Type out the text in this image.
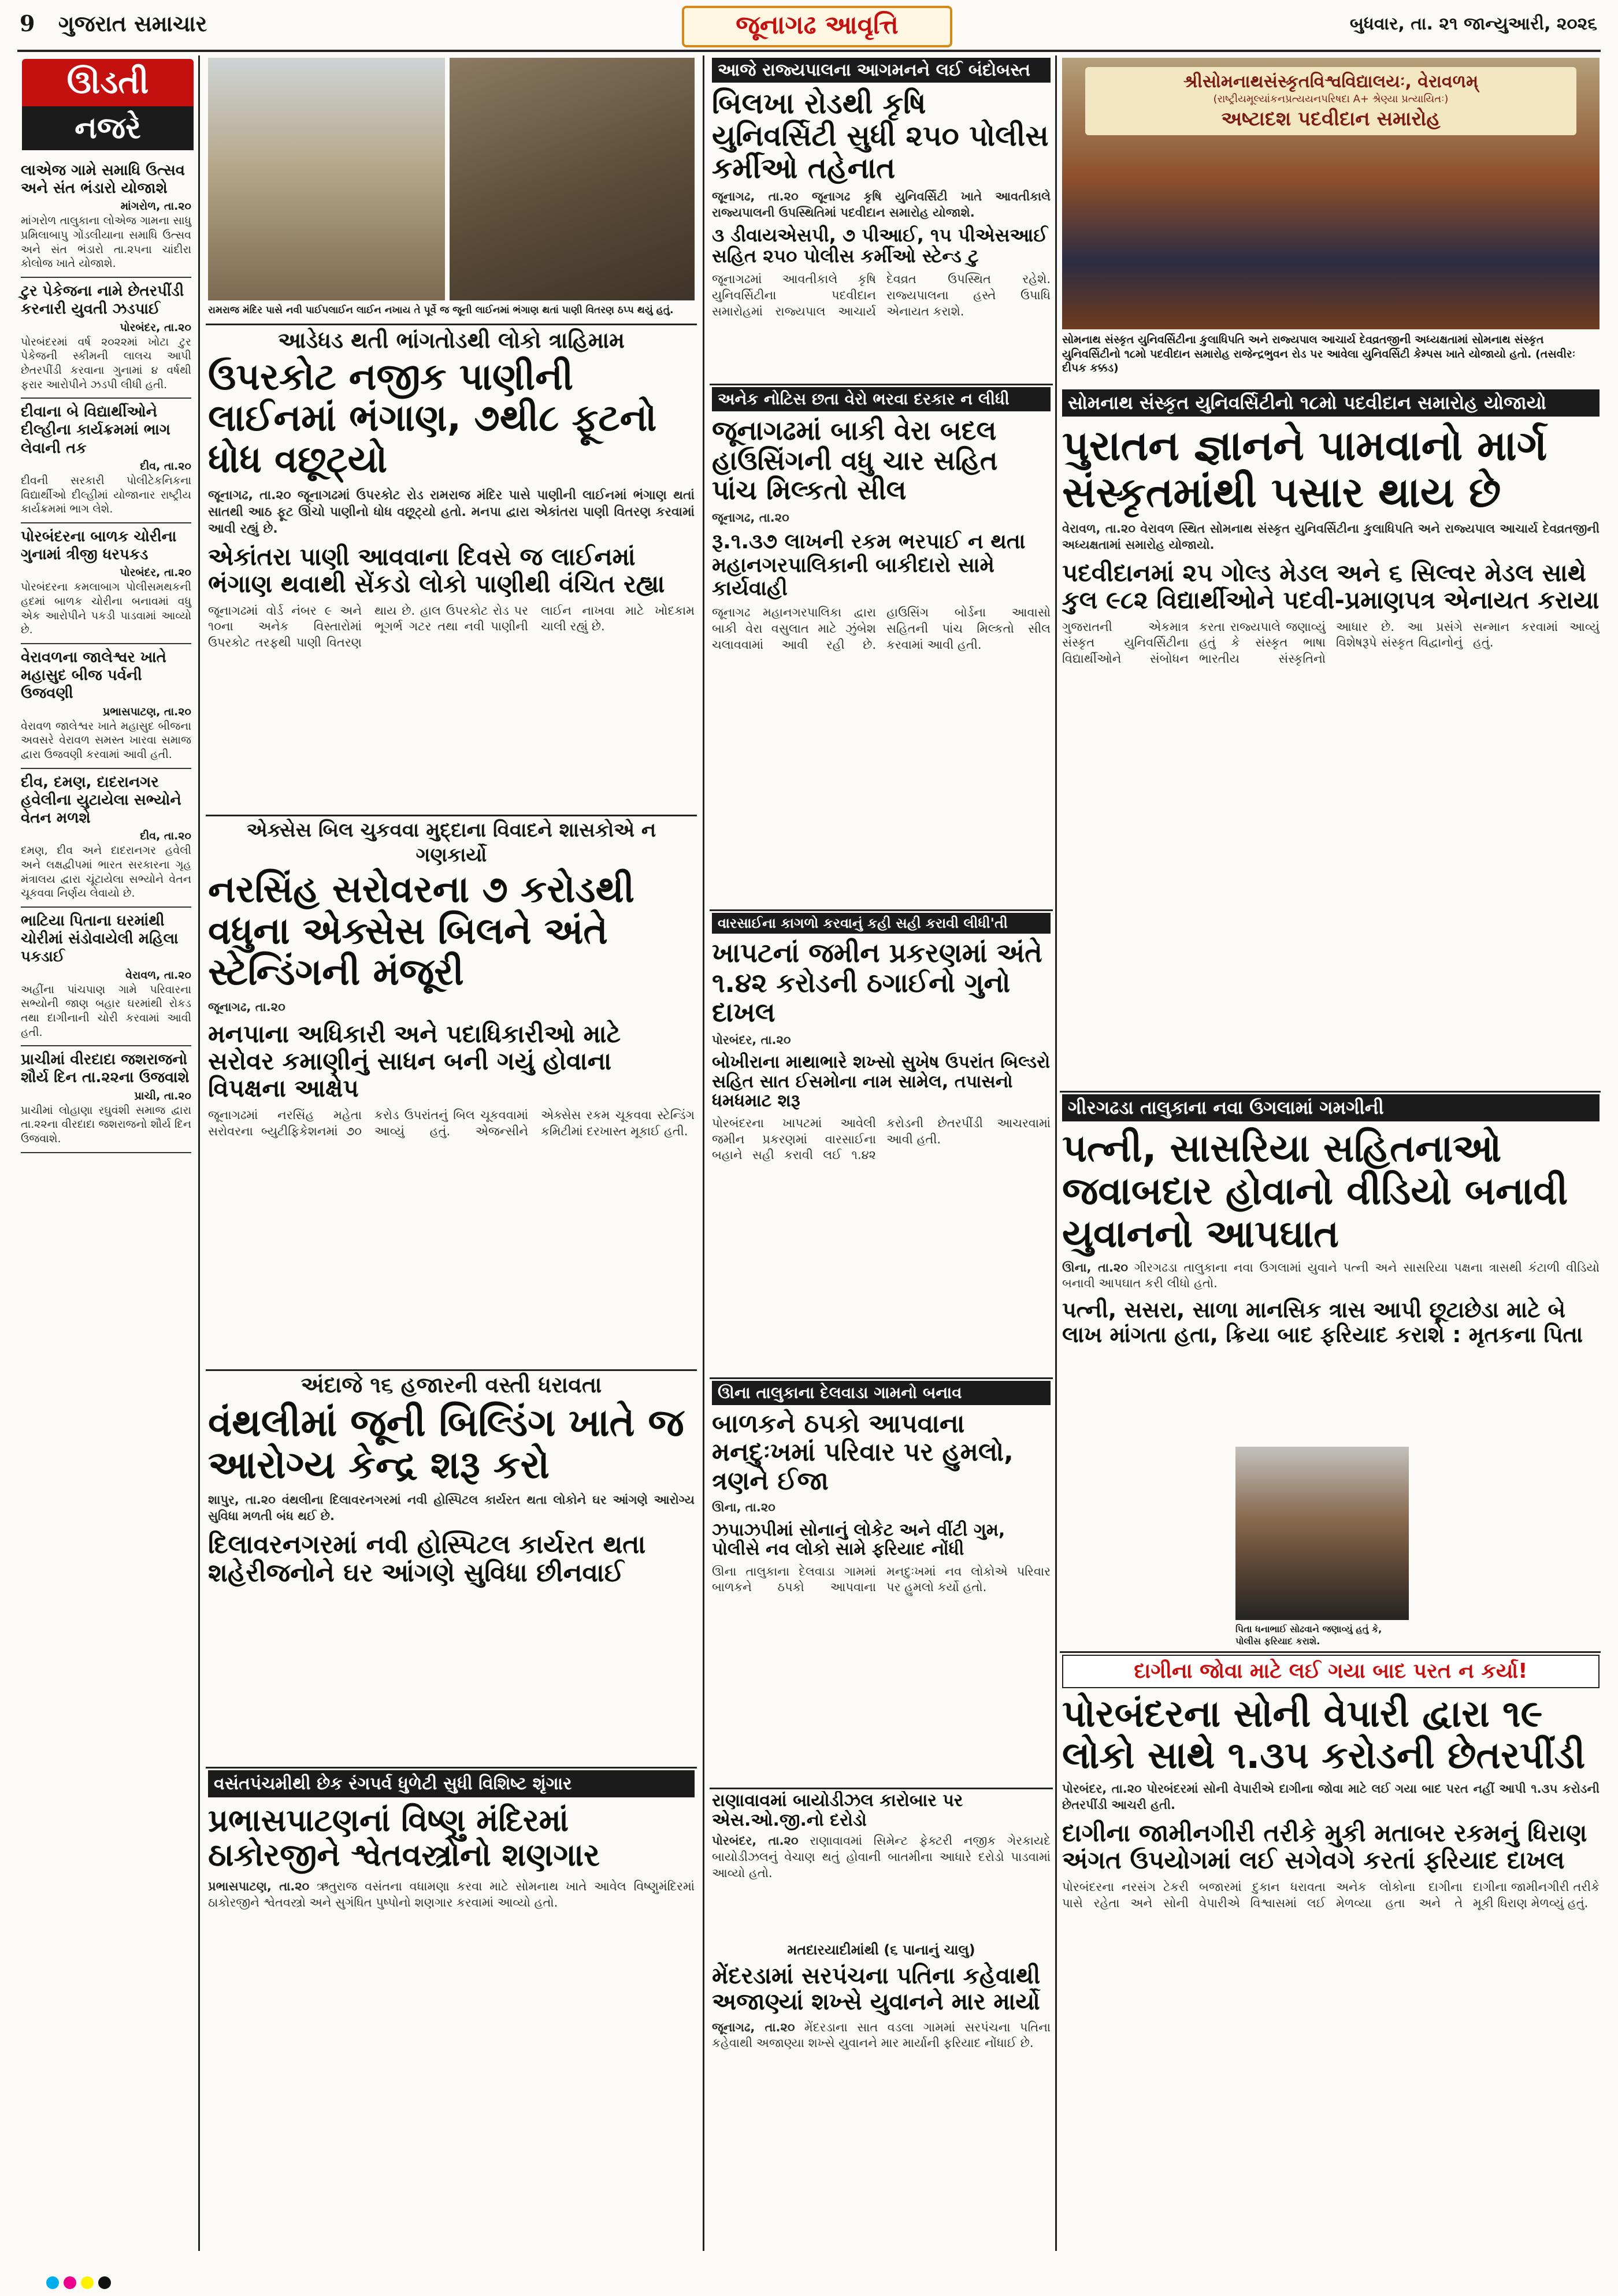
9 ગુજરાત સમાચાર	જૂનાગઢ આવૃત્તિ	બુધવાર, તા. ૨૧ જાન્યુઆરી, ૨૦૨૬
ઊડતી
નજરે
લાએજ ગામે સમાધિ ઉત્સવ અને સંત ભંડારો યોજાશે
માંગરોળ, તા.૨૦
માંગરોળ તાલુકાના લોએજ ગામના સાધુ પ્રમિલાબાપુ ગોંડલીયાના સમાધિ ઉત્સવ અને સંત ભંડારો તા.૨૫ના ચાંદીરા કોલોજ ખાતે યોજાશે.
ટુર પેકેજના નામે છેતરપીંડી કરનારી યુવતી ઝડપાઈ
પોરબંદર, તા.૨૦
પોરબંદરમાં વર્ષ ૨૦૨૨માં ખોટા ટુર પેકેજની સ્કીમની લાલચ આપી છેતરપીંડી કરવાના ગુનામાં ૪ વર્ષથી ફરાર આરોપીને ઝડપી લીધી હતી.
દીવાના બે વિદ્યાર્થીઓને દીલ્હીના કાર્યક્રમમાં ભાગ લેવાની તક
દીવ, તા.૨૦
દીવની સરકારી પોલીટેકનિકના વિદ્યાર્થીઓ દીલ્હીમાં યોજાનાર રાષ્ટ્રીય કાર્યક્રમમાં ભાગ લેશે.
પોરબંદરના બાળક ચોરીના ગુનામાં ત્રીજી ધરપકડ
પોરબંદર, તા.૨૦
પોરબંદરના કમલાબાગ પોલીસમથકની હદમાં બાળક ચોરીના બનાવમાં વધુ એક આરોપીને પકડી પાડવામાં આવ્યો છે.
વેરાવળના જાલેશ્વર ખાતે મહાસુદ બીજ પર્વની ઉજવણી
પ્રભાસપાટણ, તા.૨૦
વેરાવળ જાલેશ્વર ખાતે મહાસુદ બીજના અવસરે વેરાવળ સમસ્ત ખારવા સમાજ દ્વારા ઉજવણી કરવામાં આવી હતી.
દીવ, દમણ, દાદરાનગર હવેલીના યુટાયેલા સભ્યોને વેતન મળશે
દીવ, તા.૨૦
દમણ, દીવ અને દાદરાનગર હવેલી અને લક્ષદ્વીપમાં ભારત સરકારના ગૃહ મંત્રાલય દ્વારા ચૂંટાયેલા સભ્યોને વેતન ચૂકવવા નિર્ણય લેવાયો છે.
ભાટિયા પિતાના ઘરમાંથી ચોરીમાં સંડોવાયેલી મહિલા પકડાઈ
વેરાવળ, તા.૨૦
અહીંના પાંચપાણ ગામે પરિવારના સભ્યોની જાણ બહાર ઘરમાંથી રોકડ તથા દાગીનાની ચોરી કરવામાં આવી હતી.
પ્રાચીમાં વીરદાદા જશરાજનો શૌર્ય દિન તા.૨૨ના ઉજવાશે
પ્રાચી, તા.૨૦
પ્રાચીમાં લોહાણા રઘુવંશી સમાજ દ્વારા તા.૨૨ના વીરદાદા જશરાજનો શૌર્ય દિન ઉજવાશે.
રામરાજ મંદિર પાસે નવી પાઈપલાઈન લાઈન નખાય તે પૂર્વે જ જૂની લાઈનમાં ભંગાણ થતાં પાણી વિતરણ ઠપ્પ થયું હતું.
આડેધડ થતી ભાંગતોડથી લોકો ત્રાહિમામ
ઉપરકોટ નજીક પાણીની લાઈનમાં ભંગાણ, ૭થી૮ ફૂટનો ધોધ વછૂટ્યો
જૂનાગઢ, તા.૨૦ જૂનાગઢમાં ઉપરકોટ રોડ રામરાજ મંદિર પાસે પાણીની લાઈનમાં ભંગાણ થતાં સાતથી આઠ ફૂટ ઊંચો પાણીનો ધોધ વછૂટ્યો હતો. મનપા દ્વારા એકાંતરા પાણી વિતરણ કરવામાં આવી રહ્યું છે.
એકાંતરા પાણી આવવાના દિવસે જ લાઈનમાં ભંગાણ થવાથી સેંકડો લોકો પાણીથી વંચિત રહ્યા
જૂનાગઢમાં વોર્ડ નંબર ૯ અને ૧૦ના અનેક વિસ્તારોમાં ઉપરકોટ તરફથી પાણી વિતરણ થાય છે. હાલ ઉપરકોટ રોડ પર ભૂગર્ભ ગટર તથા નવી પાણીની લાઈન નાખવા માટે ખોદકામ ચાલી રહ્યું છે.
એક્સેસ બિલ ચુકવવા મુદ્દાના વિવાદને શાસકોએ ન ગણકાર્યો
નરસિંહ સરોવરના ૭ કરોડથી વધુના એક્સેસ બિલને અંતે સ્ટેન્ડિંગની મંજૂરી
જૂનાગઢ, તા.૨૦
મનપાના અધિકારી અને પદાધિકારીઓ માટે સરોવર કમાણીનું સાધન બની ગયું હોવાના વિપક્ષના આક્ષેપ
જૂનાગઢમાં નરસિંહ મહેતા સરોવરના બ્યુટીફિકેશનમાં ૭૦ કરોડ ઉપરાંતનું બિલ ચૂકવવામાં આવ્યું હતું. એજન્સીને એક્સેસ રકમ ચૂકવવા સ્ટેન્ડિંગ કમિટીમાં દરખાસ્ત મૂકાઈ હતી.
અંદાજે ૧૬ હજારની વસ્તી ધરાવતા
વંથલીમાં જૂની બિલ્ડિંગ ખાતે જ આરોગ્ય કેન્દ્ર શરૂ કરો
શાપુર, તા.૨૦ વંથલીના દિલાવરનગરમાં નવી હોસ્પિટલ કાર્યરત થતા લોકોને ઘર આંગણે આરોગ્ય સુવિધા મળતી બંધ થઈ છે.
દિલાવરનગરમાં નવી હોસ્પિટલ કાર્યરત થતા શહેરીજનોને ઘર આંગણે સુવિધા છીનવાઈ
વસંતપંચમીથી છેક રંગપર્વ ધુળેટી સુધી વિશિષ્ટ શૃંગાર
પ્રભાસપાટણનાં વિષ્ણુ મંદિરમાં ઠાકોરજીને શ્વેતવસ્ત્રોનો શણગાર
પ્રભાસપાટણ, તા.૨૦ ઋતુરાજ વસંતના વધામણા કરવા માટે સોમનાથ ખાતે આવેલ વિષ્ણુમંદિરમાં ઠાકોરજીને શ્વેતવસ્ત્રો અને સુગંધિત પુષ્પોનો શણગાર કરવામાં આવ્યો હતો.
આજે રાજ્યપાલના આગમનને લઈ બંદોબસ્ત
બિલખા રોડથી કૃષિ યુનિવર્સિટી સુધી ૨૫૦ પોલીસ કર્મીઓ તહેનાત
જૂનાગઢ, તા.૨૦ જૂનાગઢ કૃષિ યુનિવર્સિટી ખાતે આવતીકાલે રાજ્યપાલની ઉપસ્થિતિમાં પદવીદાન સમારોહ યોજાશે.
૩ ડીવાયએસપી, ૭ પીઆઈ, ૧૫ પીએસઆઈ સહિત ૨૫૦ પોલીસ કર્મીઓ સ્ટેન્ડ ટુ
જૂનાગઢમાં આવતીકાલે કૃષિ યુનિવર્સિટીના પદવીદાન સમારોહમાં રાજ્યપાલ આચાર્ય દેવવ્રત ઉપસ્થિત રહેશે. રાજ્યપાલના હસ્તે ઉપાધિ એનાયત કરાશે.
અનેક નોટિસ છતા વેરો ભરવા દરકાર ન લીધી
જૂનાગઢમાં બાકી વેરા બદલ હાઉસિંગની વધુ ચાર સહિત પાંચ મિલ્કતો સીલ
જૂનાગઢ, તા.૨૦
રૂ.૧.૩૭ લાખની રકમ ભરપાઈ ન થતા મહાનગરપાલિકાની બાકીદારો સામે કાર્યવાહી
જૂનાગઢ મહાનગરપાલિકા દ્વારા બાકી વેરા વસુલાત માટે ઝુંબેશ ચલાવવામાં આવી રહી છે. હાઉસિંગ બોર્ડના આવાસો સહિતની પાંચ મિલ્કતો સીલ કરવામાં આવી હતી.
વારસાઈના કાગળો કરવાનું કહી સહી કરાવી લીધી'તી
ખાપટનાં જમીન પ્રકરણમાં અંતે ૧.૪૨ કરોડની ઠગાઈનો ગુનો દાખલ
પોરબંદર, તા.૨૦
બોખીરાના માથાભારે શખ્સો સુખેષ ઉપરાંત બિલ્ડરો સહિત સાત ઈસમોના નામ સામેલ, તપાસનો ધમધમાટ શરૂ
પોરબંદરના ખાપટમાં આવેલી જમીન પ્રકરણમાં વારસાઈના બહાને સહી કરાવી લઈ ૧.૪૨ કરોડની છેતરપીંડી આચરવામાં આવી હતી.
ઊના તાલુકાના દેલવાડા ગામનો બનાવ
બાળકને ઠપકો આપવાના મનદુઃખમાં પરિવાર પર હુમલો, ત્રણને ઈજા
ઊના, તા.૨૦
ઝપાઝપીમાં સોનાનું લોકેટ અને વીંટી ગુમ, પોલીસે નવ લોકો સામે ફરિયાદ નોંધી
ઊના તાલુકાના દેલવાડા ગામમાં બાળકને ઠપકો આપવાના મનદુઃખમાં નવ લોકોએ પરિવાર પર હુમલો કર્યો હતો.
રાણાવાવમાં બાયોડીઝલ કારોબાર પર એસ.ઓ.જી.નો દરોડો
પોરબંદર, તા.૨૦ રાણાવાવમાં સિમેન્ટ ફેક્ટરી નજીક ગેરકાયદે બાયોડીઝલનું વેચાણ થતું હોવાની બાતમીના આધારે દરોડો પાડવામાં આવ્યો હતો.
મતદારયાદીમાંથી (૬ પાનાનું ચાલુ)
મેંદરડામાં સરપંચના પતિના કહેવાથી અજાણ્યાં શખ્સે યુવાનને માર માર્યો
જૂનાગઢ, તા.૨૦ મેંદરડાના સાત વડલા ગામમાં સરપંચના પતિના કહેવાથી અજાણ્યા શખ્સે યુવાનને માર માર્યાની ફરિયાદ નોંધાઈ છે.
શ્રીસોમનાથસંસ્કૃતવિશ્વવિદ્યાલયઃ, વેરાવળમ્
(રાષ્ટ્રીયમૂલ્યાંકનપ્રત્યયનપરિષદા A+ શ્રેણ્યા પ્રત્યાયિતઃ)
અષ્ટાદશ પદવીદાન સમારોહ
સોમનાથ સંસ્કૃત યુનિવર્સિટીના કુલાધિપતિ અને રાજ્યપાલ આચાર્ય દેવવ્રતજીની અધ્યક્ષતામાં સોમનાથ સંસ્કૃત યુનિવર્સિટીનો ૧૮મો પદવીદાન સમારોહ રાજેન્દ્રભુવન રોડ પર આવેલા યુનિવર્સિટી કેમ્પસ ખાતે યોજાયો હતો. (તસવીરઃ દીપક કક્કડ)
સોમનાથ સંસ્કૃત યુનિવર્સિટીનો ૧૮મો પદવીદાન સમારોહ યોજાયો
પુરાતન જ્ઞાનને પામવાનો માર્ગ સંસ્કૃતમાંથી પસાર થાય છે
વેરાવળ, તા.૨૦ વેરાવળ સ્થિત સોમનાથ સંસ્કૃત યુનિવર્સિટીના કુલાધિપતિ અને રાજ્યપાલ આચાર્ય દેવવ્રતજીની અધ્યક્ષતામાં સમારોહ યોજાયો.
પદવીદાનમાં ૨૫ ગોલ્ડ મેડલ અને ૬ સિલ્વર મેડલ સાથે કુલ ૯૮૨ વિદ્યાર્થીઓને પદવી-પ્રમાણપત્ર એનાયત કરાયા
ગુજરાતની એકમાત્ર સંસ્કૃત યુનિવર્સિટીના વિદ્યાર્થીઓને સંબોધન કરતા રાજ્યપાલે જણાવ્યું હતું કે સંસ્કૃત ભાષા ભારતીય સંસ્કૃતિનો આધાર છે. આ પ્રસંગે વિશેષરૂપે સંસ્કૃત વિદ્વાનોનું સન્માન કરવામાં આવ્યું હતું.
ગીરગઢડા તાલુકાના નવા ઉગલામાં ગમગીની
પત્ની, સાસરિયા સહિતનાઓ જવાબદાર હોવાનો વીડિયો બનાવી યુવાનનો આપઘાત
ઊના, તા.૨૦ ગીરગઢડા તાલુકાના નવા ઉગલામાં યુવાને પત્ની અને સાસરિયા પક્ષના ત્રાસથી કંટાળી વીડિયો બનાવી આપઘાત કરી લીધો હતો.
પત્ની, સસરા, સાળા માનસિક ત્રાસ આપી છૂટાછેડા માટે બે લાખ માંગતા હતા, ક્રિયા બાદ ફરિયાદ કરાશે : મૃતકના પિતા
પિતા ધનાભાઈ સોઢવાને જણાવ્યું હતું કે, પોલીસ ફરિયાદ કરાશે.
દાગીના જોવા માટે લઈ ગયા બાદ પરત ન કર્યા!
પોરબંદરના સોની વેપારી દ્વારા ૧૯ લોકો સાથે ૧.૩૫ કરોડની છેતરપીંડી
પોરબંદર, તા.૨૦ પોરબંદરમાં સોની વેપારીએ દાગીના જોવા માટે લઈ ગયા બાદ પરત નહીં આપી ૧.૩૫ કરોડની છેતરપીંડી આચરી હતી.
દાગીના જામીનગીરી તરીકે મુકી મતાબર રકમનું ધિરાણ અંગત ઉપયોગમાં લઈ સગેવગે કરતાં ફરિયાદ દાખલ
પોરબંદરના નરસંગ ટેકરી પાસે રહેતા અને સોની બજારમાં દુકાન ધરાવતા વેપારીએ વિશ્વાસમાં લઈ અનેક લોકોના દાગીના મેળવ્યા હતા અને તે દાગીના જામીનગીરી તરીકે મૂકી ધિરાણ મેળવ્યું હતું.
